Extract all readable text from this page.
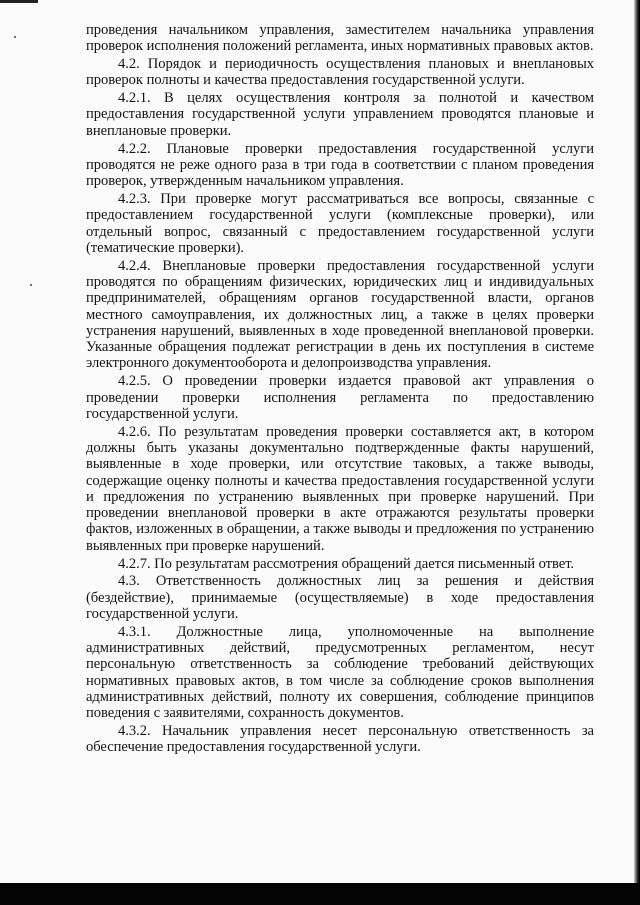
проведения начальником управления, заместителем начальника управления проверок исполнения положений регламента, иных нормативных правовых актов.

4.2. Порядок и периодичность осуществления плановых и внеплановых проверок полноты и качества предоставления государственной услуги.

4.2.1. В целях осуществления контроля за полнотой и качеством предоставления государственной услуги управлением проводятся плановые и внеплановые проверки.

4.2.2. Плановые проверки предоставления государственной услуги проводятся не реже одного раза в три года в соответствии с планом проведения проверок, утвержденным начальником управления.

4.2.3. При проверке могут рассматриваться все вопросы, связанные с предоставлением государственной услуги (комплексные проверки), или отдельный вопрос, связанный с предоставлением государственной услуги (тематические проверки).

4.2.4. Внеплановые проверки предоставления государственной услуги проводятся по обращениям физических, юридических лиц и индивидуальных предпринимателей, обращениям органов государственной власти, органов местного самоуправления, их должностных лиц, а также в целях проверки устранения нарушений, выявленных в ходе проведенной внеплановой проверки. Указанные обращения подлежат регистрации в день их поступления в системе электронного документооборота и делопроизводства управления.

4.2.5. О проведении проверки издается правовой акт управления о проведении проверки исполнения регламента по предоставлению государственной услуги.

4.2.6. По результатам проведения проверки составляется акт, в котором должны быть указаны документально подтвержденные факты нарушений, выявленные в ходе проверки, или отсутствие таковых, а также выводы, содержащие оценку полноты и качества предоставления государственной услуги и предложения по устранению выявленных при проверке нарушений. При проведении внеплановой проверки в акте отражаются результаты проверки фактов, изложенных в обращении, а также выводы и предложения по устранению выявленных при проверке нарушений.

4.2.7. По результатам рассмотрения обращений дается письменный ответ.

4.3. Ответственность должностных лиц за решения и действия (бездействие), принимаемые (осуществляемые) в ходе предоставления государственной услуги.

4.3.1. Должностные лица, уполномоченные на выполнение административных действий, предусмотренных регламентом, несут персональную ответственность за соблюдение требований действующих нормативных правовых актов, в том числе за соблюдение сроков выполнения административных действий, полноту их совершения, соблюдение принципов поведения с заявителями, сохранность документов.

4.3.2. Начальник управления несет персональную ответственность за обеспечение предоставления государственной услуги.
